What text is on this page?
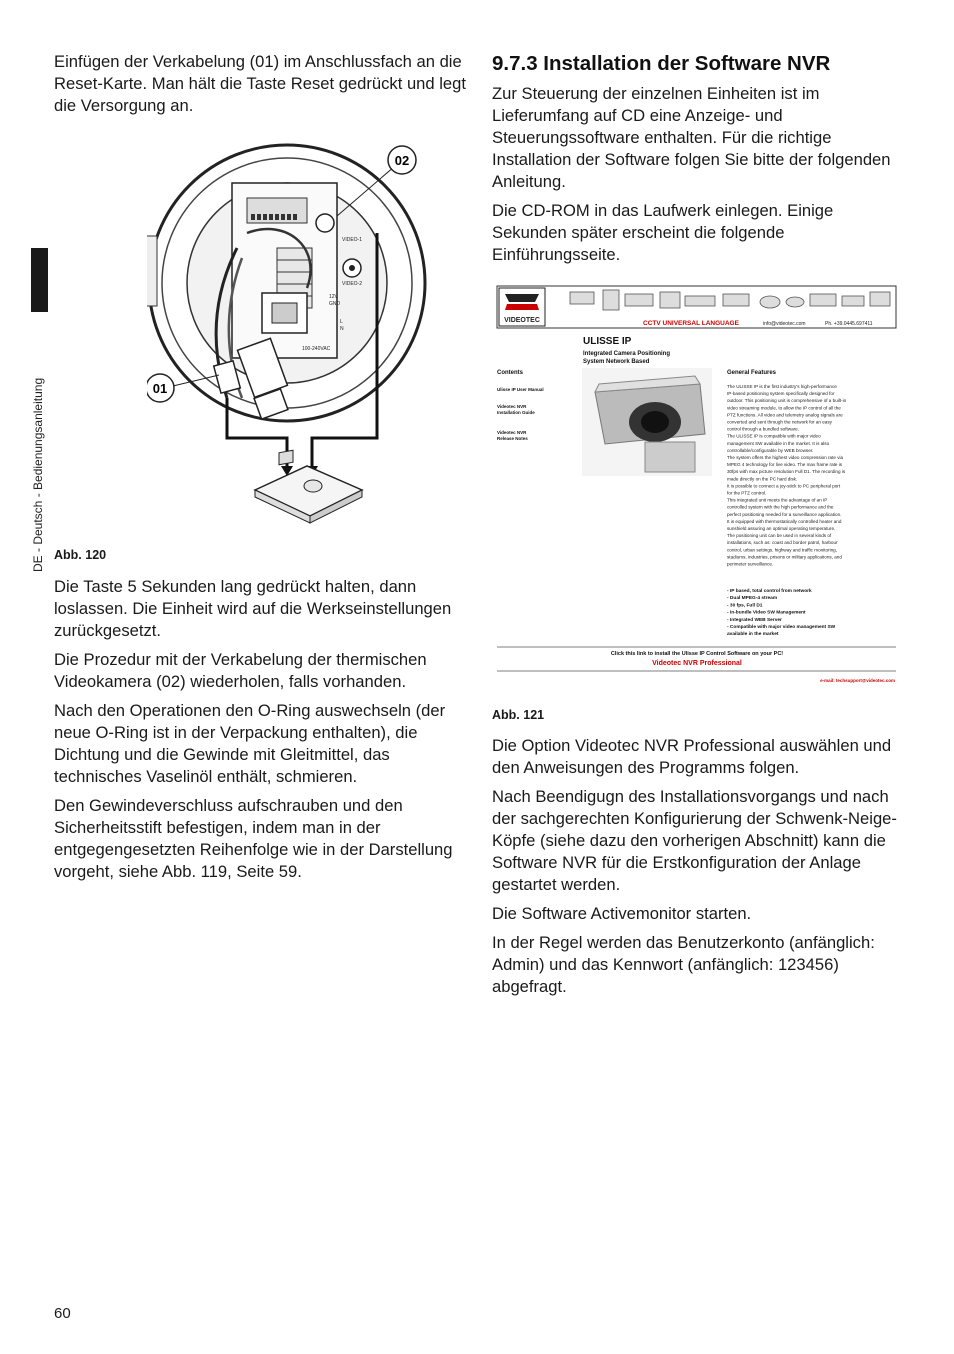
DE - Deutsch - Bedienungsanleitung

Einfügen der Verkabelung (01) im Anschlussfach an die Reset-Karte. Man hält die Taste Reset gedrückt und legt die Versorgung an.

VIDEO-1
VIDEO-2
12V
GND
L
N
100-240VAC
02
01
Abb. 120

Die Taste 5 Sekunden lang gedrückt halten, dann loslassen. Die Einheit wird auf die Werkseinstellungen zurückgesetzt.

Die Prozedur mit der Verkabelung der thermischen Videokamera (02) wiederholen, falls vorhanden.

Nach den Operationen den O-Ring auswechseln (der neue O-Ring ist in der Verpackung enthalten), die Dichtung und die Gewinde mit Gleitmittel, das technisches Vaselinöl enthält, schmieren.

Den Gewindeverschluss aufschrauben und den Sicherheitsstift befestigen, indem man in der entgegengesetzten Reihenfolge wie in der Darstellung vorgeht, siehe Abb. 119, Seite 59.

9.7.3 Installation der Software NVR

Zur Steuerung der einzelnen Einheiten ist im Lieferumfang auf CD eine Anzeige- und Steuerungssoftware enthalten. Für die richtige Installation der Software folgen Sie bitte der folgenden Anleitung.

Die CD-ROM in das Laufwerk einlegen. Einige Sekunden später erscheint die folgende Einführungsseite.

VIDEOTEC	CCTV UNIVERSAL LANGUAGE	info@videotec.com	Ph. +39.0445.697411
ULISSE IP
Integrated Camera Positioning
System Network Based
Contents
Ulisse IP User Manual
Videotec NVR
Installation Guide
Videotec NVR
Release Notes
General Features
The ULISSE IP is the first industry's high-performance
IP-based positioning system specifically designed for
outdoor. This positioning unit is comprehensive of a built-in
video streaming module, to allow the IP control of all the
PTZ functions. All video and telemetry analog signals are
converted and sent through the network for an easy
control through a bundled software.
The ULISSE IP is compatible with major video
management SW available in the market. It is also
controllable/configurable by WEB browser.
The system offers the highest video compression rate via
MPEG 4 technology for live video. The max frame rate is
30fps with max picture resolution Full D1. The recording is
made directly on the PC hard disk.
It is possible to connect a joy-stick to PC peripheral port
for the PTZ control.
This integrated unit meets the advantage of an IP
controlled system with the high performance and the
perfect positioning needed for a surveillance application.
It is equipped with thermostatically controlled heater and
sunshield assuring an optimal operating temperature.
The positioning unit can be used in several kinds of
installations, such as: coast and border patrol, harbour
control, urban settings, highway and traffic monitoring,
stadiums, industries, prisons or military applications, and
perimeter surveillance.
- IP based, total control from network
- Dual MPEG-4 stream
- 30 fps, Full D1
- In-bundle Video SW Management
- Integrated WEB Server
- Compatible with major video management SW
available in the market
Click this link to install the Ulisse IP Control Software on your PC!
Videotec NVR Professional
e-mail: techsupport@videotec.com
Abb. 121

Die Option Videotec NVR Professional auswählen und den Anweisungen des Programms folgen.

Nach Beendigugn des Installationsvorgangs und nach der sachgerechten Konfigurierung der Schwenk-Neige-Köpfe (siehe dazu den vorherigen Abschnitt) kann die Software NVR für die Erstkonfiguration der Anlage gestartet werden.

Die Software Activemonitor starten.

In der Regel werden das Benutzerkonto (anfänglich: Admin) und das Kennwort (anfänglich: 123456) abgefragt.

60
